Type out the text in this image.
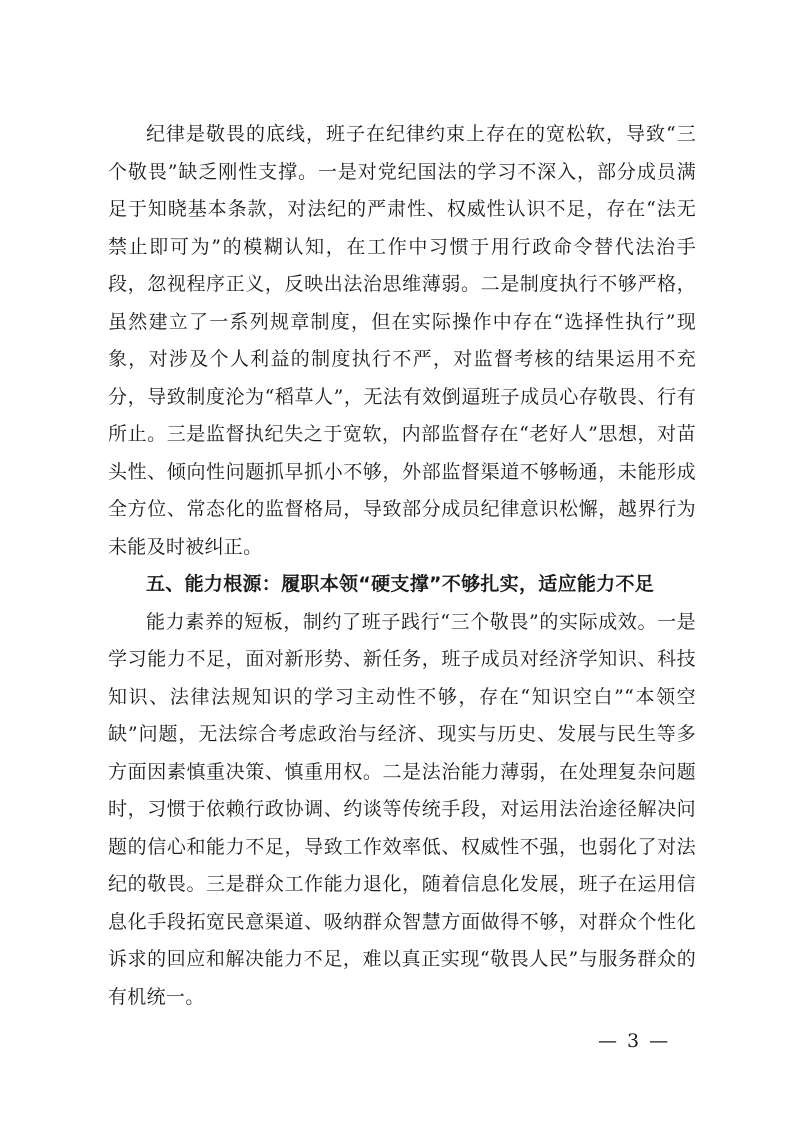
纪律是敬畏的底线，班子在纪律约束上存在的宽松软，导致“三个敬畏”缺乏刚性支撑。一是对党纪国法的学习不深入，部分成员满足于知晓基本条款，对法纪的严肃性、权威性认识不足，存在“法无禁止即可为”的模糊认知，在工作中习惯于用行政命令替代法治手段，忽视程序正义，反映出法治思维薄弱。二是制度执行不够严格，虽然建立了一系列规章制度，但在实际操作中存在“选择性执行”现象，对涉及个人利益的制度执行不严，对监督考核的结果运用不充分，导致制度沦为“稻草人”，无法有效倒逼班子成员心存敬畏、行有所止。三是监督执纪失之于宽软，内部监督存在“老好人”思想，对苗头性、倾向性问题抓早抓小不够，外部监督渠道不够畅通，未能形成全方位、常态化的监督格局，导致部分成员纪律意识松懈，越界行为未能及时被纠正。

五、能力根源：履职本领“硬支撑”不够扎实，适应能力不足

能力素养的短板，制约了班子践行“三个敬畏”的实际成效。一是学习能力不足，面对新形势、新任务，班子成员对经济学知识、科技知识、法律法规知识的学习主动性不够，存在“知识空白”“本领空缺”问题，无法综合考虑政治与经济、现实与历史、发展与民生等多方面因素慎重决策、慎重用权。二是法治能力薄弱，在处理复杂问题时，习惯于依赖行政协调、约谈等传统手段，对运用法治途径解决问题的信心和能力不足，导致工作效率低、权威性不强，也弱化了对法纪的敬畏。三是群众工作能力退化，随着信息化发展，班子在运用信息化手段拓宽民意渠道、吸纳群众智慧方面做得不够，对群众个性化诉求的回应和解决能力不足，难以真正实现“敬畏人民”与服务群众的有机统一。

— 3 —
